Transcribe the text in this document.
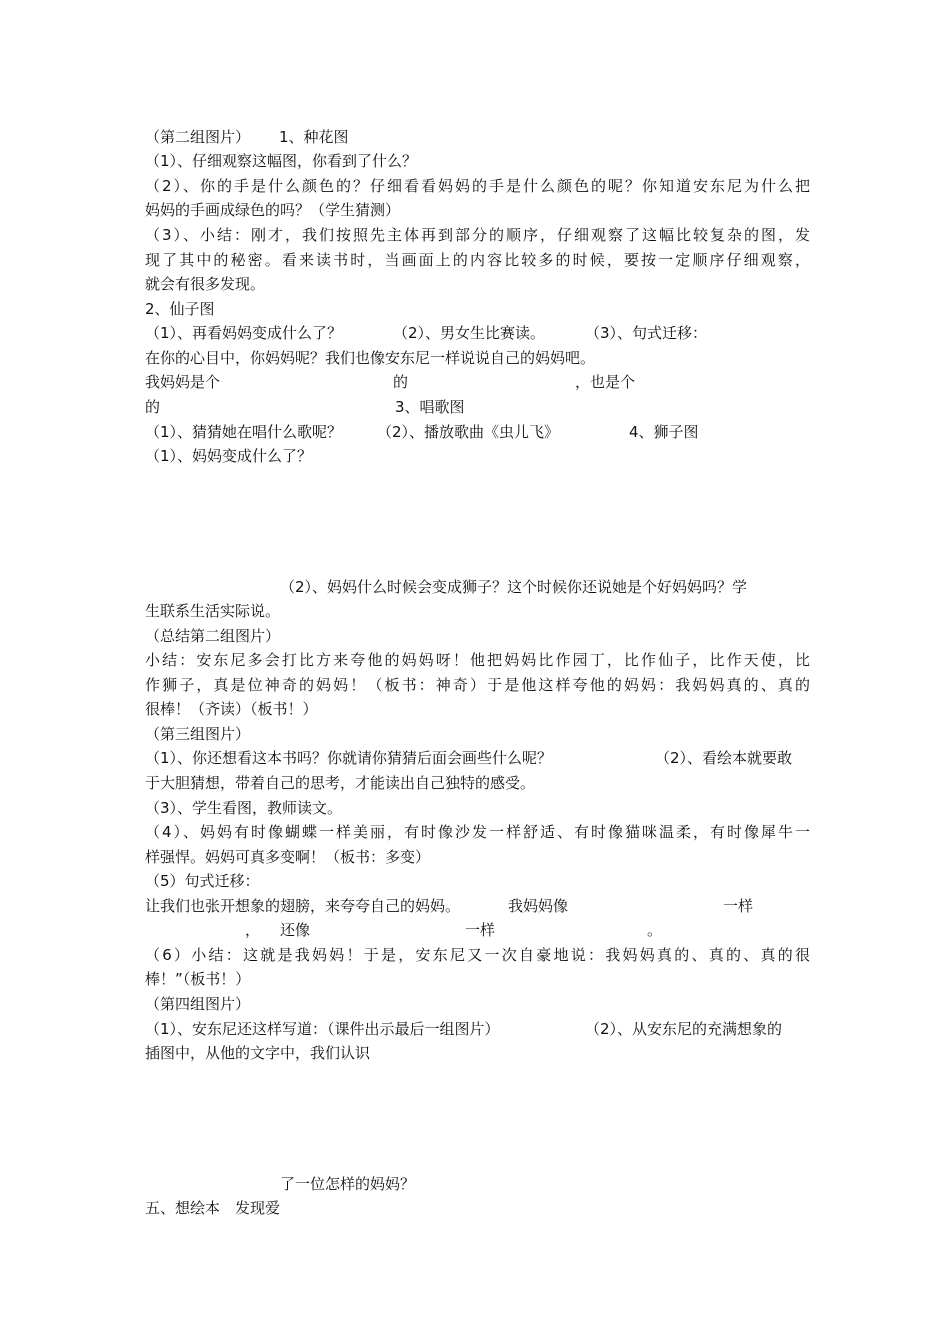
（第二组图片） 1、种花图
（1）、仔细观察这幅图，你看到了什么？
（2）、你的手是什么颜色的？仔细看看妈妈的手是什么颜色的呢？你知道安东尼为什么把
妈妈的手画成绿色的吗？（学生猜测）
（3）、小结：刚才，我们按照先主体再到部分的顺序，仔细观察了这幅比较复杂的图，发
现了其中的秘密。看来读书时，当画面上的内容比较多的时候，要按一定顺序仔细观察，
就会有很多发现。
2、仙子图
（1）、再看妈妈变成什么了？	（2）、男女生比赛读。	（3）、句式迁移：
在你的心目中，你妈妈呢？我们也像安东尼一样说说自己的妈妈吧。
我妈妈是个	的	，也是个
的	3、唱歌图
（1）、猜猜她在唱什么歌呢？ （2）、播放歌曲《虫儿飞》	4、狮子图
（1）、妈妈变成什么了？
（2）、妈妈什么时候会变成狮子？这个时候你还说她是个好妈妈吗？学
生联系生活实际说。
（总结第二组图片）
小结：安东尼多会打比方来夸他的妈妈呀！他把妈妈比作园丁，比作仙子，比作天使，比
作狮子，真是位神奇的妈妈！（板书：神奇）于是他这样夸他的妈妈：我妈妈真的、真的
很棒！（齐读）（板书！）
（第三组图片）
（1）、你还想看这本书吗？你就请你猜猜后面会画些什么呢？	（2）、看绘本就要敢
于大胆猜想，带着自己的思考，才能读出自己独特的感受。
（3）、学生看图，教师读文。
（4）、妈妈有时像蝴蝶一样美丽，有时像沙发一样舒适、有时像猫咪温柔，有时像犀牛一
样强悍。妈妈可真多变啊！（板书：多变）
（5）句式迁移：
让我们也张开想象的翅膀，来夸夸自己的妈妈。	我妈妈像	一样
， 还像	一样	。
（6）小结：这就是我妈妈！于是，安东尼又一次自豪地说：我妈妈真的、真的、真的很
棒！”（板书！）
（第四组图片）
（1）、安东尼还这样写道：（课件出示最后一组图片）	（2）、从安东尼的充满想象的
插图中，从他的文字中，我们认识
了一位怎样的妈妈？
五、想绘本　发现爱
